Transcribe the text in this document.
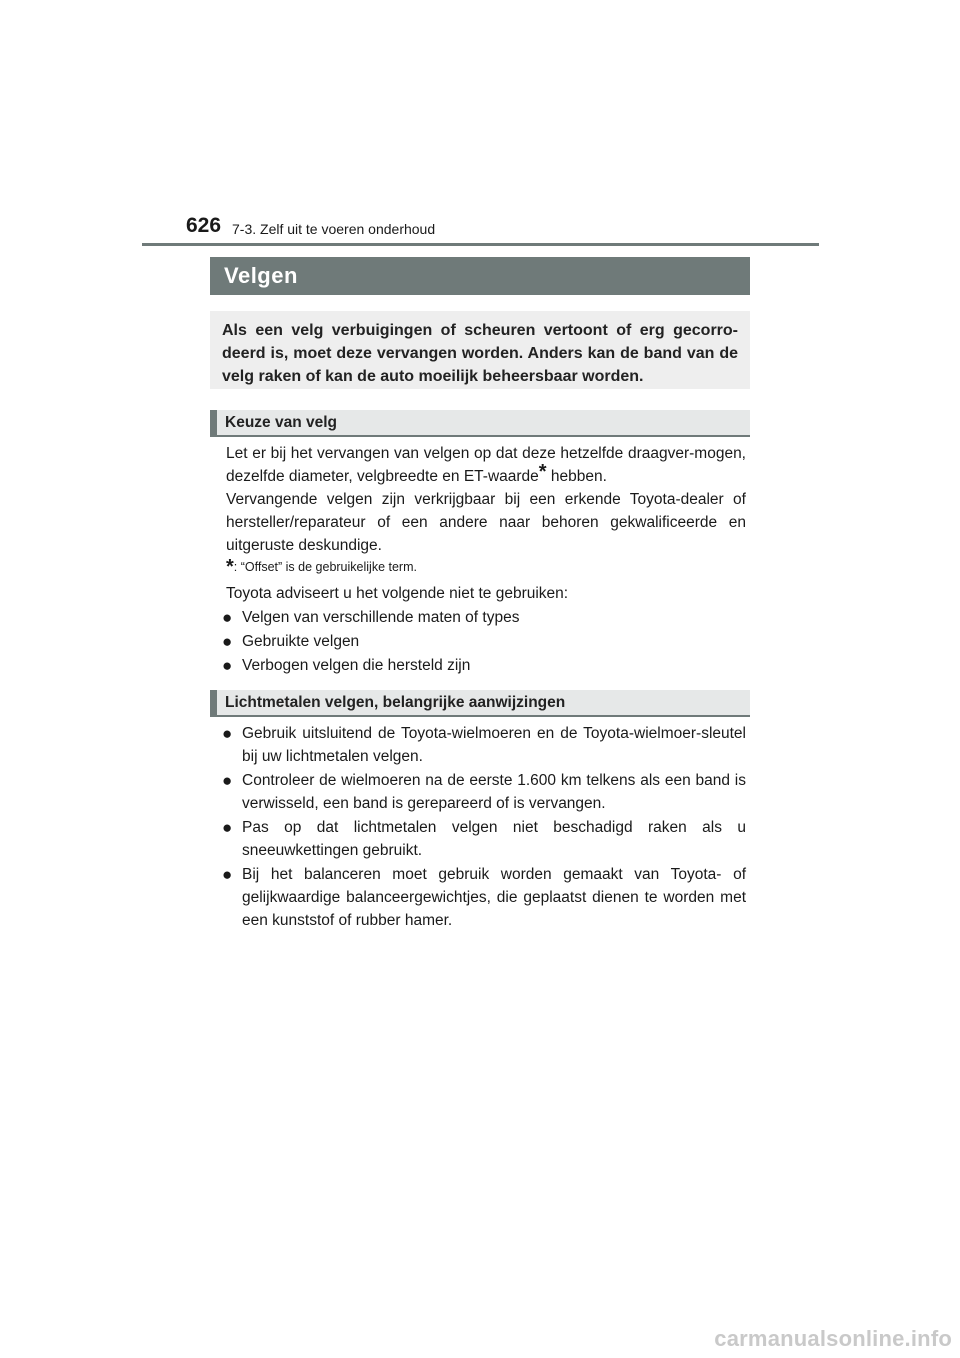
626 7-3. Zelf uit te voeren onderhoud
Velgen

Als een velg verbuigingen of scheuren vertoont of erg gecorro-deerd is, moet deze vervangen worden. Anders kan de band van de velg raken of kan de auto moeilijk beheersbaar worden.

Keuze van velg

Let er bij het vervangen van velgen op dat deze hetzelfde draagver-mogen, dezelfde diameter, velgbreedte en ET-waarde* hebben.

Vervangende velgen zijn verkrijgbaar bij een erkende Toyota-dealer of hersteller/reparateur of een andere naar behoren gekwalificeerde en uitgeruste deskundige.

*: “Offset” is de gebruikelijke term.
Toyota adviseert u het volgende niet te gebruiken:
● Velgen van verschillende maten of types
● Gebruikte velgen
● Verbogen velgen die hersteld zijn
Lichtmetalen velgen, belangrijke aanwijzingen
● Gebruik uitsluitend de Toyota-wielmoeren en de Toyota-wielmoer-sleutel bij uw lichtmetalen velgen.
● Controleer de wielmoeren na de eerste 1.600 km telkens als een band is verwisseld, een band is gerepareerd of is vervangen.
● Pas op dat lichtmetalen velgen niet beschadigd raken als u sneeuwkettingen gebruikt.
● Bij het balanceren moet gebruik worden gemaakt van Toyota- of gelijkwaardige balanceergewichtjes, die geplaatst dienen te worden met een kunststof of rubber hamer.
carmanualsonline.info
